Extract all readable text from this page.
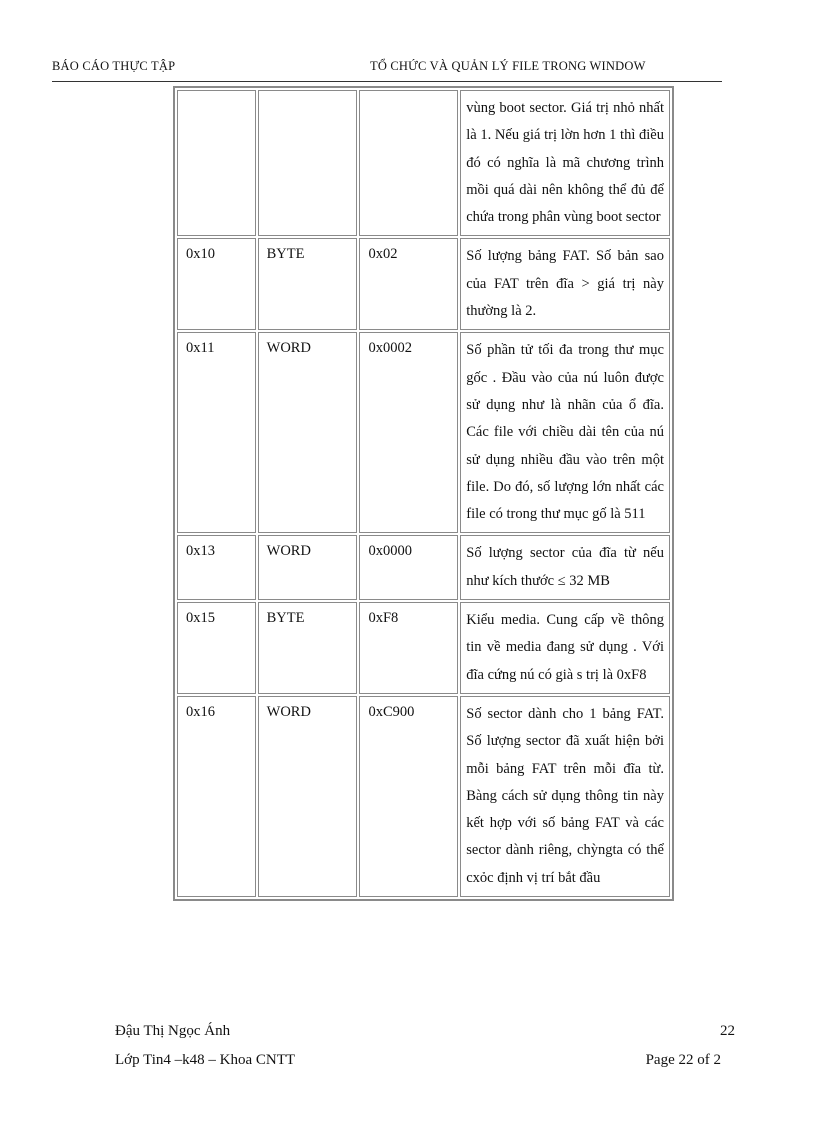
BÁO CÁO THỰC TẬP	TỔ CHỨC VÀ QUẢN LÝ FILE TRONG WINDOW
			vùng boot sector. Giá trị nhỏ nhất là 1. Nếu giá trị lờn hơn 1 thì điều đó có nghĩa là mã chương trình mồi quá dài nên không thể đủ để chứa trong phân vùng boot sector
0x10	BYTE	0x02	Số lượng bảng FAT. Số bản sao của FAT trên đĩa > giá trị này thường là 2.
0x11	WORD	0x0002	Số phần tử tối đa trong thư mục gốc . Đầu vào của nú luôn được sử dụng như là nhãn của ổ đĩa. Các file với chiều dài tên của nú sử dụng nhiều đầu vào trên một file. Do đó, số lượng lớn nhất các file có trong thư mục gố là 511
0x13	WORD	0x0000	Số lượng sector của đĩa từ nếu như kích thước ≤ 32 MB
0x15	BYTE	0xF8	Kiểu media. Cung cấp về thông tin về media đang sử dụng . Với đĩa cứng nú có già s trị là 0xF8
0x16	WORD	0xC900	Số sector dành cho 1 bảng FAT. Số lượng sector đã xuất hiện bởi mỗi bảng FAT trên mỗi đĩa từ. Bàng cách sử dụng thông tin này kết hợp với số bảng FAT và các sector dành riêng, chỳngta có thể cxỏc định vị trí bắt đầu
Đậu Thị Ngọc Ánh	22
Lớp Tin4 –k48 – Khoa CNTT	Page 22 of 2
